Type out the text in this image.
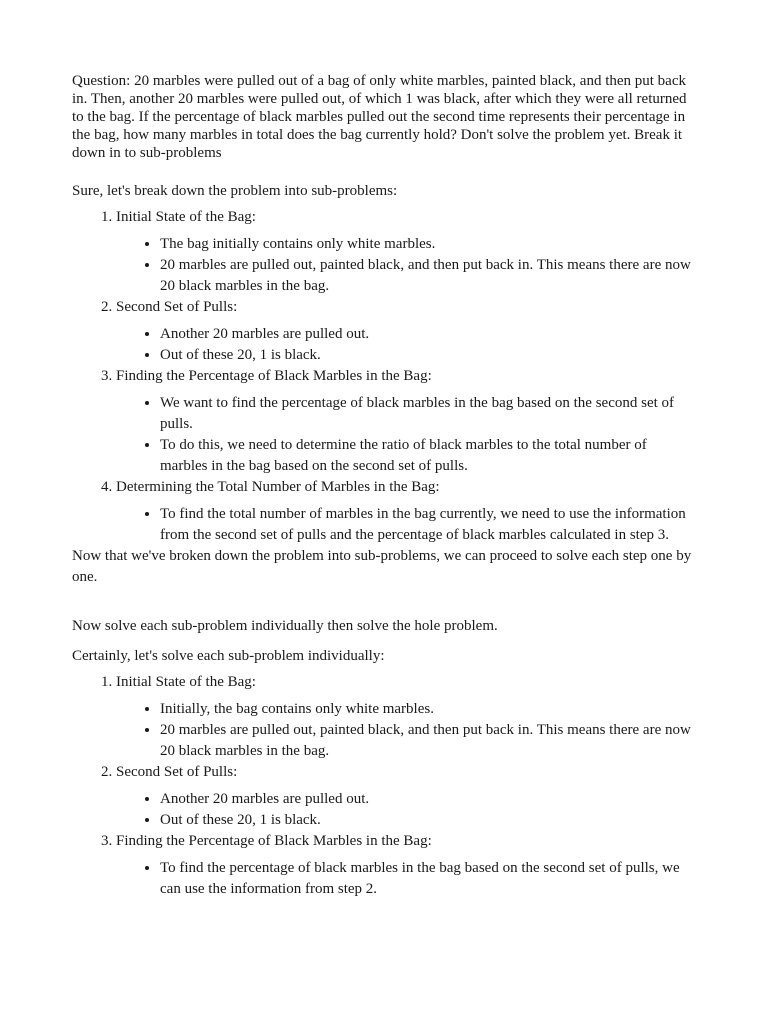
Question: 20 marbles were pulled out of a bag of only white marbles, painted black, and then put back in. Then, another 20 marbles were pulled out, of which 1 was black, after which they were all returned to the bag. If the percentage of black marbles pulled out the second time represents their percentage in the bag, how many marbles in total does the bag currently hold? Don't solve the problem yet. Break it down in to sub-problems

Sure, let's break down the problem into sub-problems:

1. Initial State of the Bag:
• The bag initially contains only white marbles.
• 20 marbles are pulled out, painted black, and then put back in. This means there are now 20 black marbles in the bag.
2. Second Set of Pulls:
• Another 20 marbles are pulled out.
• Out of these 20, 1 is black.
3. Finding the Percentage of Black Marbles in the Bag:
• We want to find the percentage of black marbles in the bag based on the second set of pulls.
• To do this, we need to determine the ratio of black marbles to the total number of marbles in the bag based on the second set of pulls.
4. Determining the Total Number of Marbles in the Bag:
• To find the total number of marbles in the bag currently, we need to use the information from the second set of pulls and the percentage of black marbles calculated in step 3.

Now that we've broken down the problem into sub-problems, we can proceed to solve each step one by one.

Now solve each sub-problem individually then solve the hole problem.

Certainly, let's solve each sub-problem individually:

1. Initial State of the Bag:
• Initially, the bag contains only white marbles.
• 20 marbles are pulled out, painted black, and then put back in. This means there are now 20 black marbles in the bag.
2. Second Set of Pulls:
• Another 20 marbles are pulled out.
• Out of these 20, 1 is black.
3. Finding the Percentage of Black Marbles in the Bag:
• To find the percentage of black marbles in the bag based on the second set of pulls, we can use the information from step 2.
